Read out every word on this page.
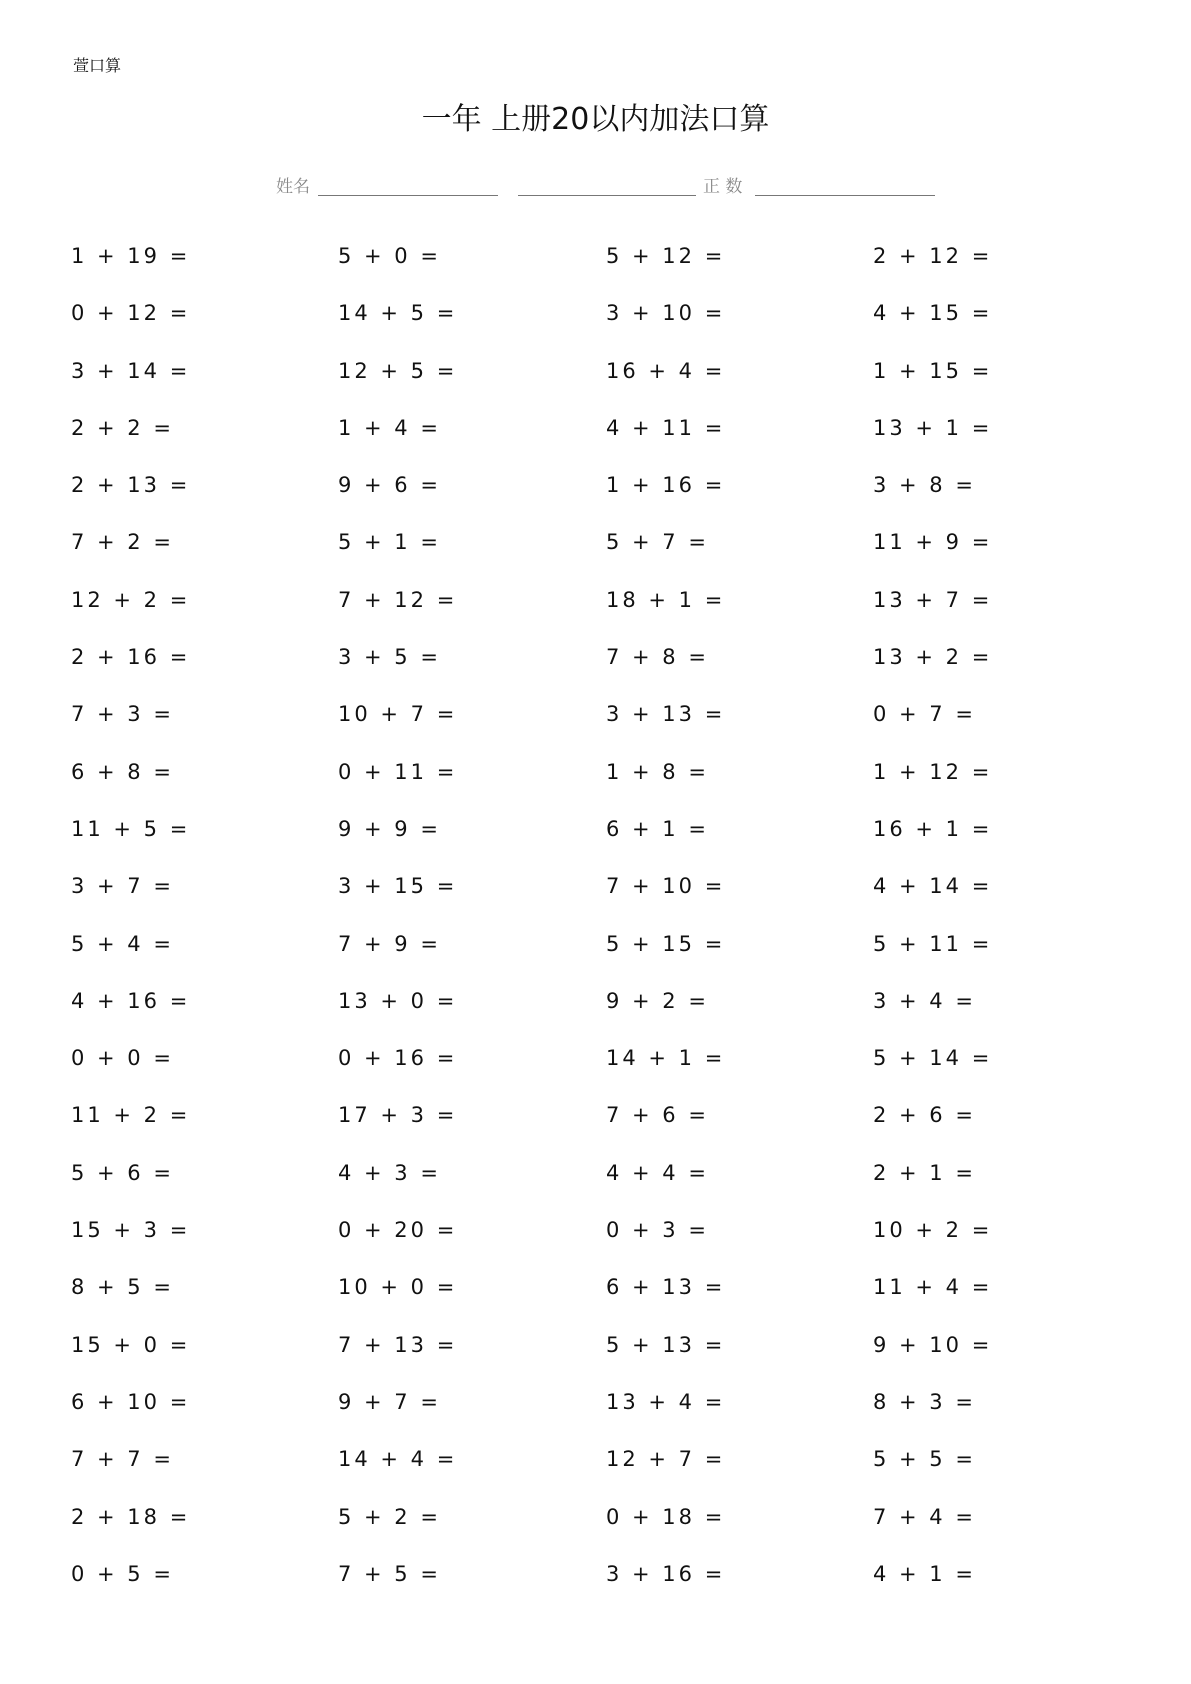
萱口算
一年 上册20以内加法口算
姓名	正 数
1 + 19 =	5 + 0 =	5 + 12 =	2 + 12 =
0 + 12 =	14 + 5 =	3 + 10 =	4 + 15 =
3 + 14 =	12 + 5 =	16 + 4 =	1 + 15 =
2 + 2 =	1 + 4 =	4 + 11 =	13 + 1 =
2 + 13 =	9 + 6 =	1 + 16 =	3 + 8 =
7 + 2 =	5 + 1 =	5 + 7 =	11 + 9 =
12 + 2 =	7 + 12 =	18 + 1 =	13 + 7 =
2 + 16 =	3 + 5 =	7 + 8 =	13 + 2 =
7 + 3 =	10 + 7 =	3 + 13 =	0 + 7 =
6 + 8 =	0 + 11 =	1 + 8 =	1 + 12 =
11 + 5 =	9 + 9 =	6 + 1 =	16 + 1 =
3 + 7 =	3 + 15 =	7 + 10 =	4 + 14 =
5 + 4 =	7 + 9 =	5 + 15 =	5 + 11 =
4 + 16 =	13 + 0 =	9 + 2 =	3 + 4 =
0 + 0 =	0 + 16 =	14 + 1 =	5 + 14 =
11 + 2 =	17 + 3 =	7 + 6 =	2 + 6 =
5 + 6 =	4 + 3 =	4 + 4 =	2 + 1 =
15 + 3 =	0 + 20 =	0 + 3 =	10 + 2 =
8 + 5 =	10 + 0 =	6 + 13 =	11 + 4 =
15 + 0 =	7 + 13 =	5 + 13 =	9 + 10 =
6 + 10 =	9 + 7 =	13 + 4 =	8 + 3 =
7 + 7 =	14 + 4 =	12 + 7 =	5 + 5 =
2 + 18 =	5 + 2 =	0 + 18 =	7 + 4 =
0 + 5 =	7 + 5 =	3 + 16 =	4 + 1 =
